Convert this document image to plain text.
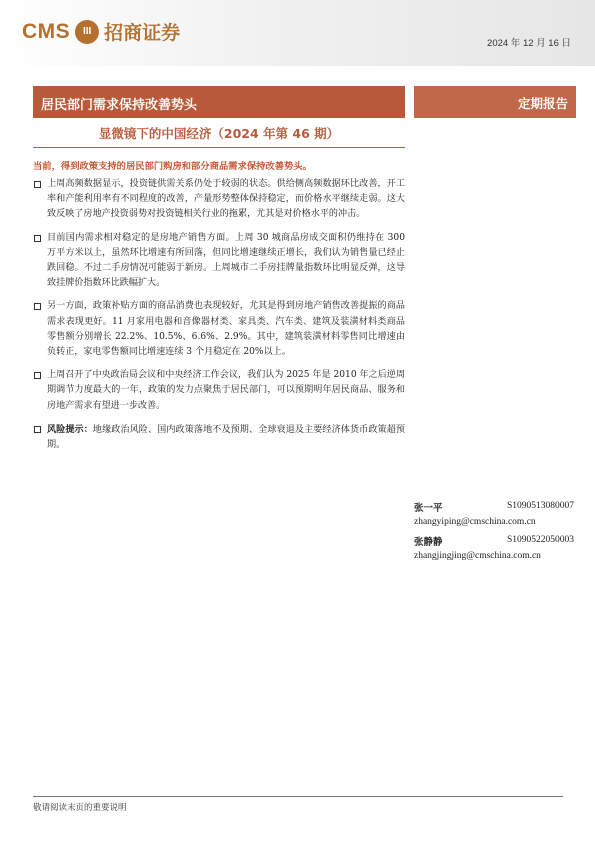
CMS	III 招商证券	2024 年 12 月 16 日
居民部门需求保持改善势头	定期报告
显微镜下的中国经济（2024 年第 46 期）
当前，得到政策支持的居民部门购房和部分商品需求保持改善势头。
上周高频数据显示，投资链供需关系仍处于较弱的状态。供给侧高频数据环比改善，开工率和产能利用率有不同程度的改善，产量形势整体保持稳定，而价格水平继续走弱。这大致反映了房地产投资弱势对投资链相关行业的拖累，尤其是对价格水平的冲击。
目前国内需求相对稳定的是房地产销售方面。上周 30 城商品房成交面积仍维持在 300 万平方米以上，虽然环比增速有所回落，但同比增速继续正增长，我们认为销售量已经止跌回稳。不过二手房情况可能弱于新房。上周城市二手房挂牌量指数环比明显反弹，这导致挂牌价指数环比跌幅扩大。
另一方面，政策补贴方面的商品消费也表现较好，尤其是得到房地产销售改善提振的商品需求表现更好。11 月家用电器和音像器材类、家具类、汽车类、建筑及装潢材料类商品零售额分别增长 22.2%、10.5%、6.6%、2.9%。其中，建筑装潢材料零售同比增速由负转正，家电零售额同比增速连续 3 个月稳定在 20%以上。
上周召开了中央政治局会议和中央经济工作会议，我们认为 2025 年是 2010 年之后逆周期调节力度最大的一年，政策的发力点聚焦于居民部门，可以预期明年居民商品、服务和房地产需求有望进一步改善。
风险提示：地缘政治风险、国内政策落地不及预期、全球衰退及主要经济体货币政策超预期。
张一平	S1090513080007
zhangyiping@cmschina.com.cn
张静静	S1090522050003
zhangjingjing@cmschina.com.cn
敬请阅读末页的重要说明
